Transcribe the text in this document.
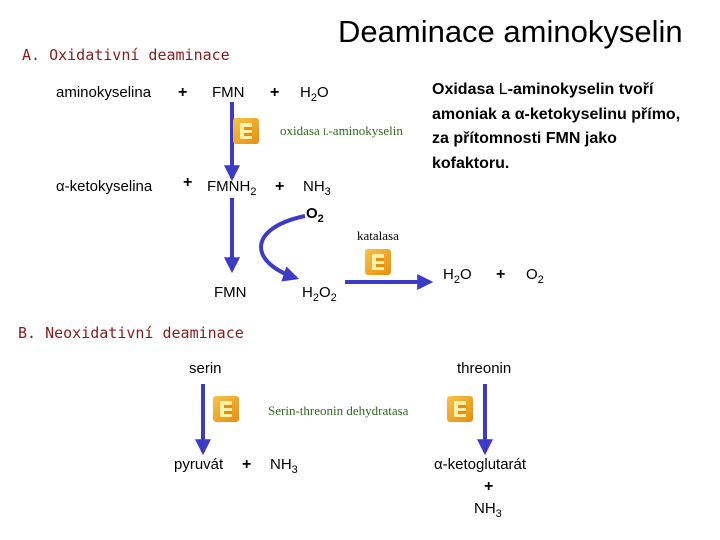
Deaminace aminokyselin
A. Oxidativní deaminace
aminokyselina + FMN + $H_2O$
oxidasa l-aminokyselin
α-ketokyselina + $FMNH_2 + NH_3$
$O_2$
katalasa
FMN	$H_2O_2$
$H_2O + O_2$
Oxidasa L-aminokyselin tvoří
amoniak a α-ketokyselinu přímo,
za přítomnosti FMN jako
kofaktoru.
B. Neoxidativní deaminace
serin	threonin
Serin-threonin dehydratasa
pyruvát + $NH_3$	α-ketoglutarát
+
$NH_3$
